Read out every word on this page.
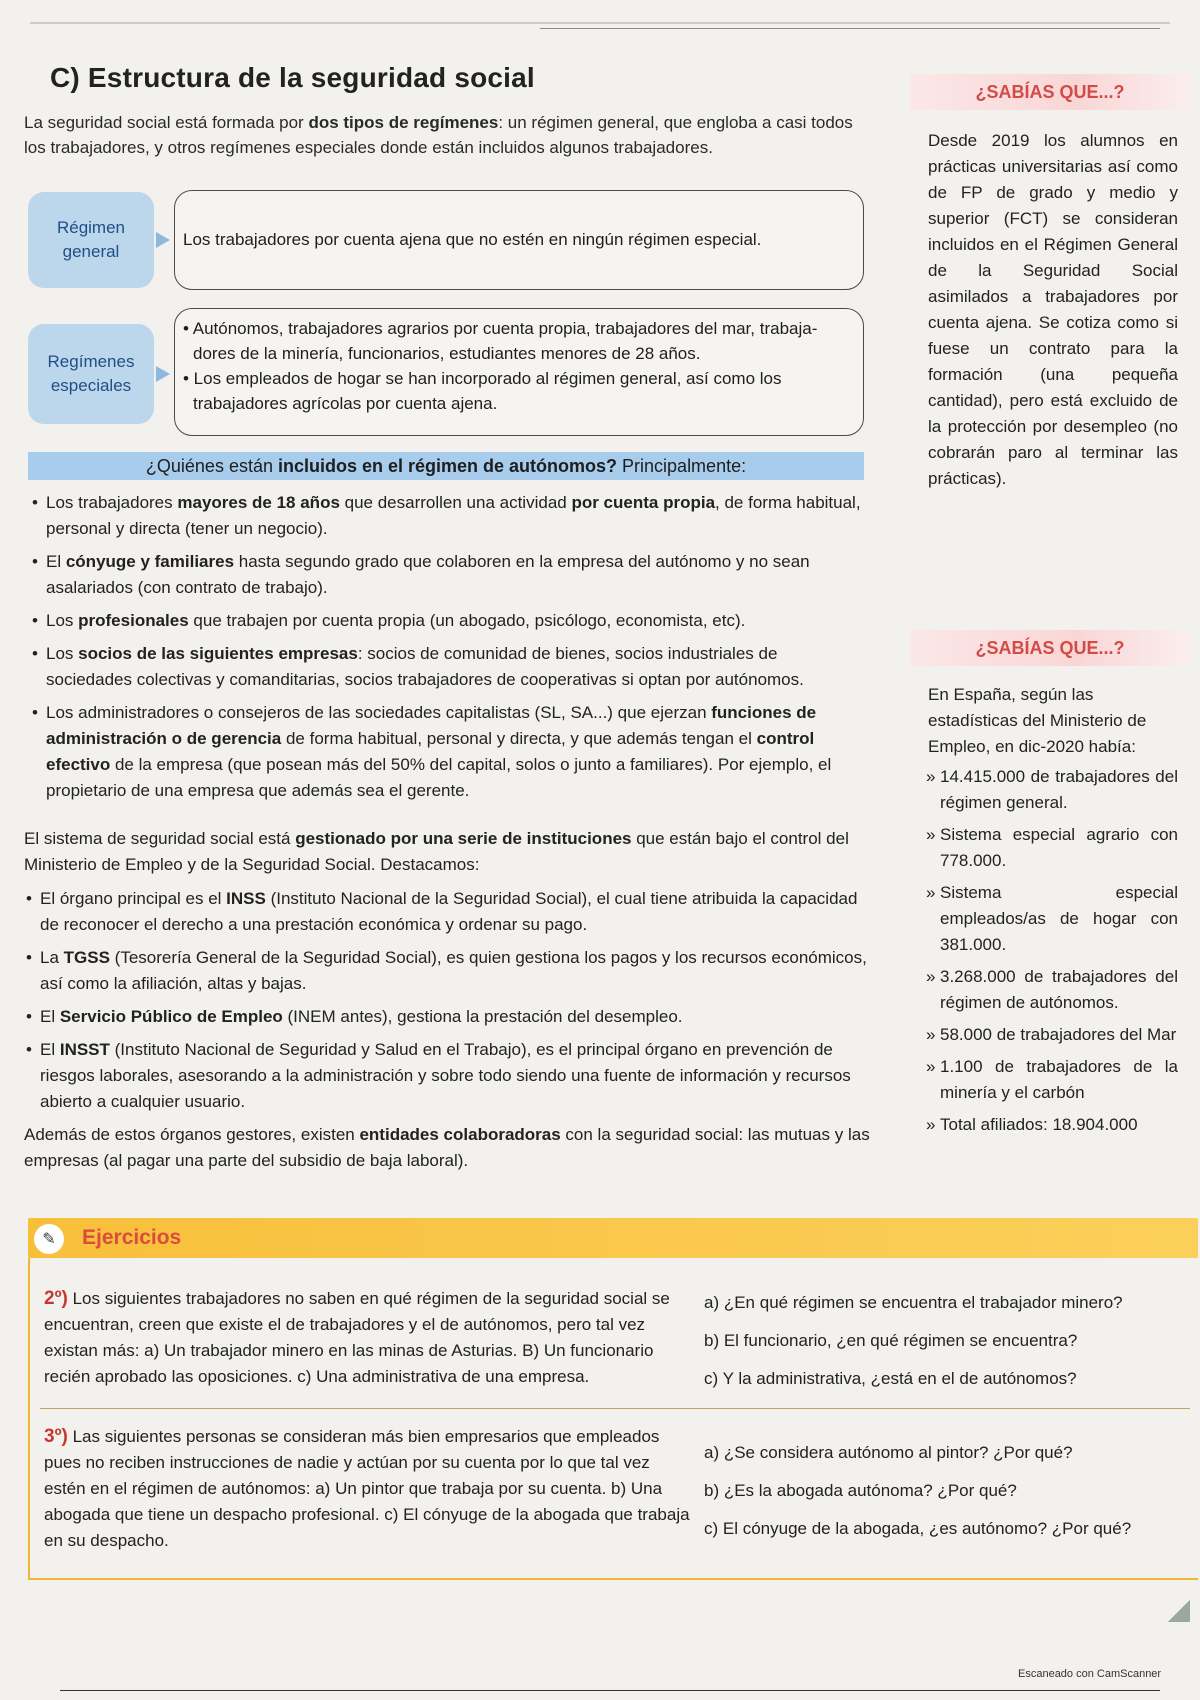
C) Estructura de la seguridad social
La seguridad social está formada por dos tipos de regímenes: un régimen general, que engloba a casi todos los trabajadores, y otros regímenes especiales donde están incluidos algunos trabajadores.
Régimen
general
Los trabajadores por cuenta ajena que no estén en ningún régimen especial.
Regímenes
especiales
• Autónomos, trabajadores agrarios por cuenta propia, trabajadores del mar, trabaja-
dores de la minería, funcionarios, estudiantes menores de 28 años.
• Los empleados de hogar se han incorporado al régimen general, así como los
trabajadores agrícolas por cuenta ajena.
¿Quiénes están incluidos en el régimen de autónomos? Principalmente:
• Los trabajadores mayores de 18 años que desarrollen una actividad por cuenta propia, de forma habitual, personal y directa (tener un negocio).
• El cónyuge y familiares hasta segundo grado que colaboren en la empresa del autónomo y no sean asalariados (con contrato de trabajo).
• Los profesionales que trabajen por cuenta propia (un abogado, psicólogo, economista, etc).
• Los socios de las siguientes empresas: socios de comunidad de bienes, socios industriales de sociedades colectivas y comanditarias, socios trabajadores de cooperativas si optan por autónomos.
• Los administradores o consejeros de las sociedades capitalistas (SL, SA...) que ejerzan funciones de administración o de gerencia de forma habitual, personal y directa, y que además tengan el control efectivo de la empresa (que posean más del 50% del capital, solos o junto a familiares). Por ejemplo, el propietario de una empresa que además sea el gerente.
El sistema de seguridad social está gestionado por una serie de instituciones que están bajo el control del Ministerio de Empleo y de la Seguridad Social. Destacamos:
• El órgano principal es el INSS (Instituto Nacional de la Seguridad Social), el cual tiene atribuida la capacidad de reconocer el derecho a una prestación económica y ordenar su pago.
• La TGSS (Tesorería General de la Seguridad Social), es quien gestiona los pagos y los recursos económicos, así como la afiliación, altas y bajas.
• El Servicio Público de Empleo (INEM antes), gestiona la prestación del desempleo.
• El INSST (Instituto Nacional de Seguridad y Salud en el Trabajo), es el principal órgano en prevención de riesgos laborales, asesorando a la administración y sobre todo siendo una fuente de información y recursos abierto a cualquier usuario.
Además de estos órganos gestores, existen entidades colaboradoras con la seguridad social: las mutuas y las empresas (al pagar una parte del subsidio de baja laboral).
¿SABÍAS QUE...?
Desde 2019 los alumnos en prácticas universitarias así como de FP de grado y medio y superior (FCT) se consideran incluidos en el Régimen General de la Seguridad Social asimilados a trabajadores por cuenta ajena. Se cotiza como si fuese un contrato para la formación (una pequeña cantidad), pero está excluido de la protección por desempleo (no cobrarán paro al terminar las prácticas).
¿SABÍAS QUE...?
En España, según las estadísticas del Ministerio de Empleo, en dic-2020 había:
» 14.415.000 de trabajadores del régimen general.
» Sistema especial agrario con 778.000.
» Sistema especial empleados/as de hogar con 381.000.
» 3.268.000 de trabajadores del régimen de autónomos.
» 58.000 de trabajadores del Mar
» 1.100 de trabajadores de la minería y el carbón
» Total afiliados: 18.904.000
✎	Ejercicios
2º) Los siguientes trabajadores no saben en qué régimen de la seguridad social se encuentran, creen que existe el de trabajadores y el de autónomos, pero tal vez existan más: a) Un trabajador minero en las minas de Asturias. B) Un funcionario recién aprobado las oposiciones. c) Una administrativa de una empresa.
a) ¿En qué régimen se encuentra el trabajador minero?
b) El funcionario, ¿en qué régimen se encuentra?
c) Y la administrativa, ¿está en el de autónomos?
3º) Las siguientes personas se consideran más bien empresarios que empleados pues no reciben instrucciones de nadie y actúan por su cuenta por lo que tal vez estén en el régimen de autónomos: a) Un pintor que trabaja por su cuenta. b) Una abogada que tiene un despacho profesional. c) El cónyuge de la abogada que trabaja en su despacho.
a) ¿Se considera autónomo al pintor? ¿Por qué?
b) ¿Es la abogada autónoma? ¿Por qué?
c) El cónyuge de la abogada, ¿es autónomo? ¿Por qué?
Escaneado con CamScanner
